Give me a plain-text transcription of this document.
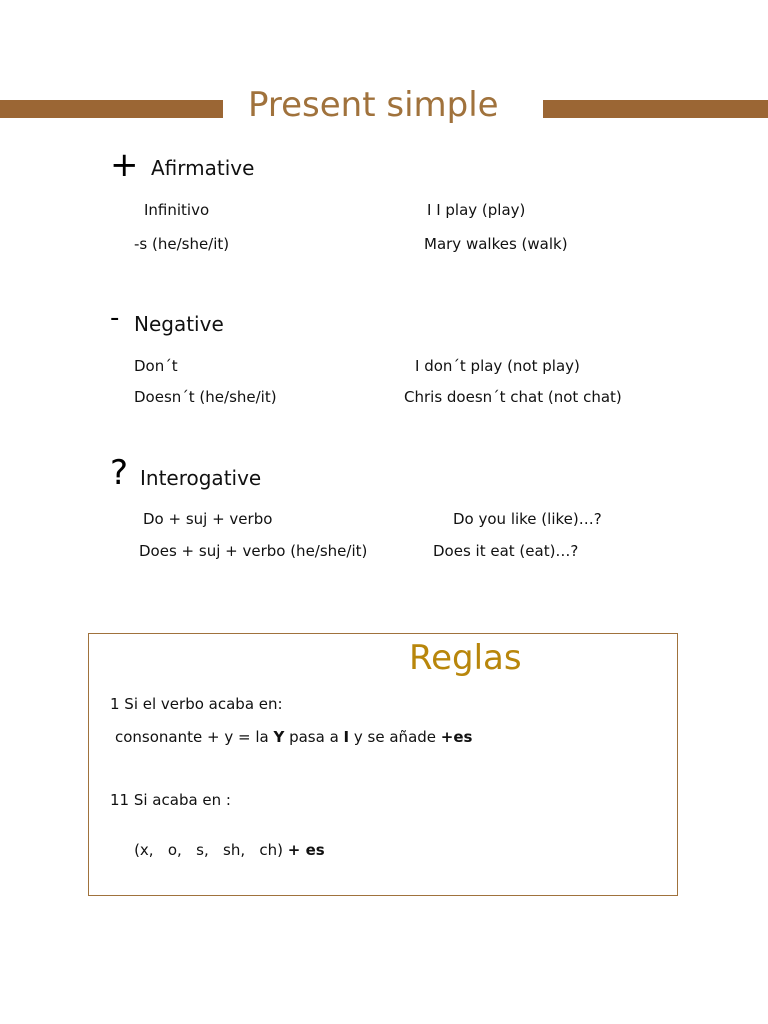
Present simple
+ Afirmative
Infinitivo	I I play (play)
-s (he/she/it)	Mary walkes (walk)
- Negative
Don´t	I don´t play (not play)
Doesn´t (he/she/it)	Chris doesn´t chat (not chat)
? Interogative
Do + suj + verbo	Do you like (like)…?
Does + suj + verbo (he/she/it)	Does it eat (eat)…?
Reglas
1 Si el verbo acaba en:
consonante + y = la Y pasa a I y se añade +es
11 Si acaba en :

(x,   o,   s,   sh,   ch) + es
